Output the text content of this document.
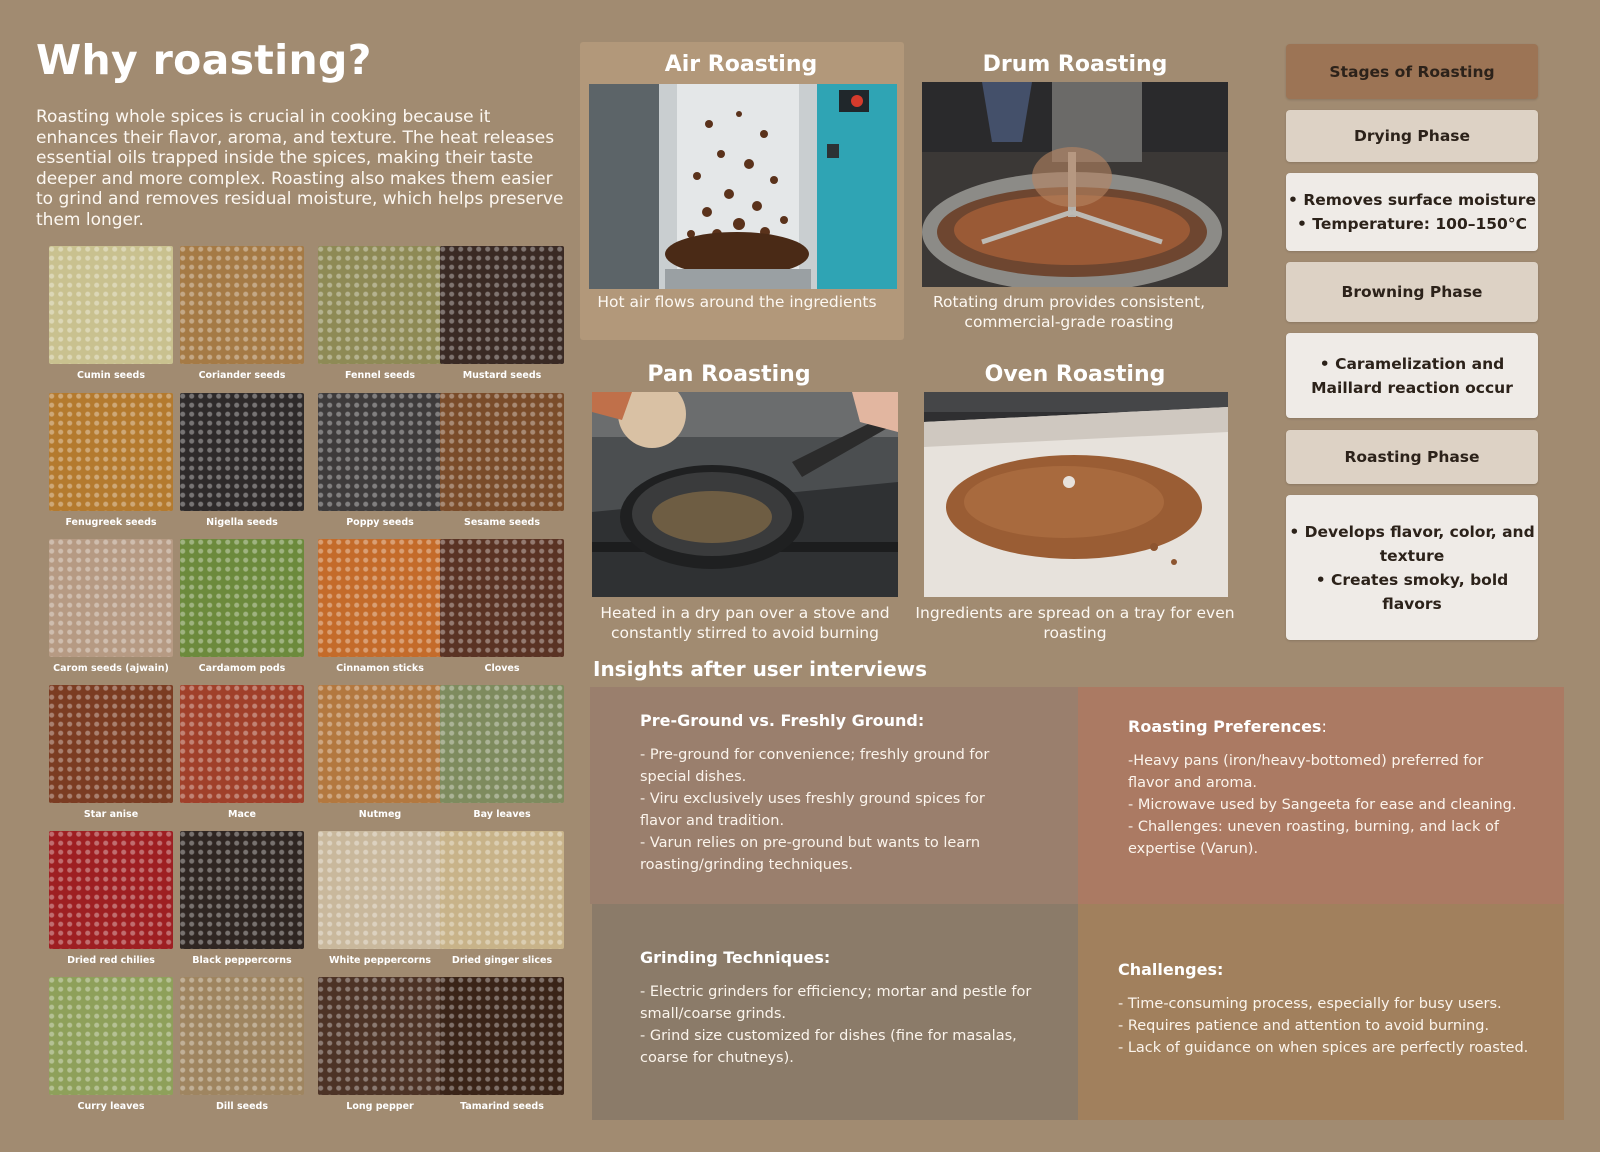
Why roasting?

Roasting whole spices is crucial in cooking because it enhances their flavor, aroma, and texture. The heat releases essential oils trapped inside the spices, making their taste deeper and more complex. Roasting also makes them easier to grind and removes residual moisture, which helps preserve them longer.

Cumin seeds	Coriander seeds	Fennel seeds	Mustard seeds
Fenugreek seeds	Nigella seeds	Poppy seeds	Sesame seeds
Carom seeds (ajwain)	Cardamom pods	Cinnamon sticks	Cloves
Star anise	Mace	Nutmeg	Bay leaves
Dried red chilies	Black peppercorns	White peppercorns	Dried ginger slices
Curry leaves	Dill seeds	Long pepper	Tamarind seeds
Air Roasting
Hot air flows around the ingredients
Drum Roasting
Rotating drum provides consistent, commercial-grade roasting
Pan Roasting
Heated in a dry pan over a stove and constantly stirred to avoid burning
Oven Roasting
Ingredients are spread on a tray for even roasting
Stages of Roasting
Drying Phase
• Removes surface moisture
• Temperature: 100–150°C
Browning Phase
• Caramelization and
Maillard reaction occur
Roasting Phase
• Develops flavor, color, and
texture
• Creates smoky, bold
flavors
Insights after user interviews
Pre-Ground vs. Freshly Ground:
- Pre-ground for convenience; freshly ground for special dishes.
- Viru exclusively uses freshly ground spices for flavor and tradition.
- Varun relies on pre-ground but wants to learn roasting/grinding techniques.
Roasting Preferences:
-Heavy pans (iron/heavy-bottomed) preferred for flavor and aroma.
- Microwave used by Sangeeta for ease and cleaning.
- Challenges: uneven roasting, burning, and lack of expertise (Varun).
Grinding Techniques:
- Electric grinders for efficiency; mortar and pestle for small/coarse grinds.
- Grind size customized for dishes (fine for masalas, coarse for chutneys).
Challenges:
- Time-consuming process, especially for busy users.
- Requires patience and attention to avoid burning.
- Lack of guidance on when spices are perfectly roasted.
